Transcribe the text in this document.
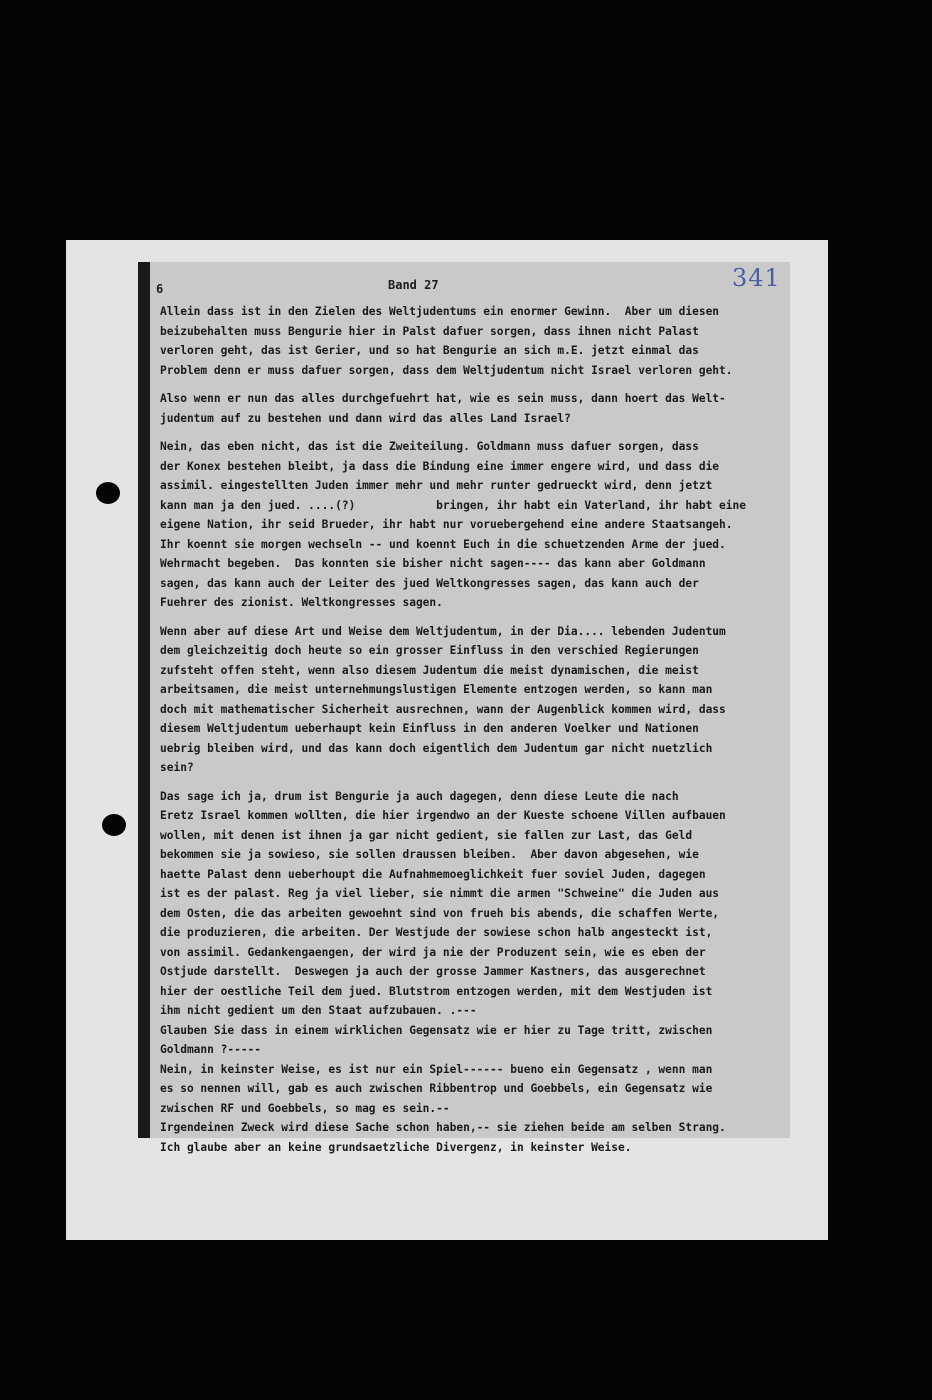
6	Band 27	341
Allein dass ist in den Zielen des Weltjudentums ein enormer Gewinn.  Aber um diesen
beizubehalten muss Bengurie hier in Palst dafuer sorgen, dass ihnen nicht Palast
verloren geht, das ist Gerier, und so hat Bengurie an sich m.E. jetzt einmal das
Problem denn er muss dafuer sorgen, dass dem Weltjudentum nicht Israel verloren geht.
Also wenn er nun das alles durchgefuehrt hat, wie es sein muss, dann hoert das Welt-
judentum auf zu bestehen und dann wird das alles Land Israel?
Nein, das eben nicht, das ist die Zweiteilung. Goldmann muss dafuer sorgen, dass
der Konex bestehen bleibt, ja dass die Bindung eine immer engere wird, und dass die
assimil. eingestellten Juden immer mehr und mehr runter gedrueckt wird, denn jetzt
kann man ja den jued. ....(?)            bringen, ihr habt ein Vaterland, ihr habt eine
eigene Nation, ihr seid Brueder, ihr habt nur voruebergehend eine andere Staatsangeh.
Ihr koennt sie morgen wechseln -- und koennt Euch in die schuetzenden Arme der jued.
Wehrmacht begeben.  Das konnten sie bisher nicht sagen---- das kann aber Goldmann
sagen, das kann auch der Leiter des jued Weltkongresses sagen, das kann auch der
Fuehrer des zionist. Weltkongresses sagen.
Wenn aber auf diese Art und Weise dem Weltjudentum, in der Dia.... lebenden Judentum
dem gleichzeitig doch heute so ein grosser Einfluss in den verschied Regierungen
zufsteht offen steht, wenn also diesem Judentum die meist dynamischen, die meist
arbeitsamen, die meist unternehmungslustigen Elemente entzogen werden, so kann man
doch mit mathematischer Sicherheit ausrechnen, wann der Augenblick kommen wird, dass
diesem Weltjudentum ueberhaupt kein Einfluss in den anderen Voelker und Nationen
uebrig bleiben wird, und das kann doch eigentlich dem Judentum gar nicht nuetzlich
sein?
Das sage ich ja, drum ist Bengurie ja auch dagegen, denn diese Leute die nach
Eretz Israel kommen wollten, die hier irgendwo an der Kueste schoene Villen aufbauen
wollen, mit denen ist ihnen ja gar nicht gedient, sie fallen zur Last, das Geld
bekommen sie ja sowieso, sie sollen draussen bleiben.  Aber davon abgesehen, wie
haette Palast denn ueberhoupt die Aufnahmemoeglichkeit fuer soviel Juden, dagegen
ist es der palast. Reg ja viel lieber, sie nimmt die armen "Schweine" die Juden aus
dem Osten, die das arbeiten gewoehnt sind von frueh bis abends, die schaffen Werte,
die produzieren, die arbeiten. Der Westjude der sowiese schon halb angesteckt ist,
von assimil. Gedankengaengen, der wird ja nie der Produzent sein, wie es eben der
Ostjude darstellt.  Deswegen ja auch der grosse Jammer Kastners, das ausgerechnet
hier der oestliche Teil dem jued. Blutstrom entzogen werden, mit dem Westjuden ist
ihm nicht gedient um den Staat aufzubauen. .---
Glauben Sie dass in einem wirklichen Gegensatz wie er hier zu Tage tritt, zwischen
Goldmann ?-----
Nein, in keinster Weise, es ist nur ein Spiel------ bueno ein Gegensatz , wenn man
es so nennen will, gab es auch zwischen Ribbentrop und Goebbels, ein Gegensatz wie
zwischen RF und Goebbels, so mag es sein.--
Irgendeinen Zweck wird diese Sache schon haben,-- sie ziehen beide am selben Strang.
Ich glaube aber an keine grundsaetzliche Divergenz, in keinster Weise.
